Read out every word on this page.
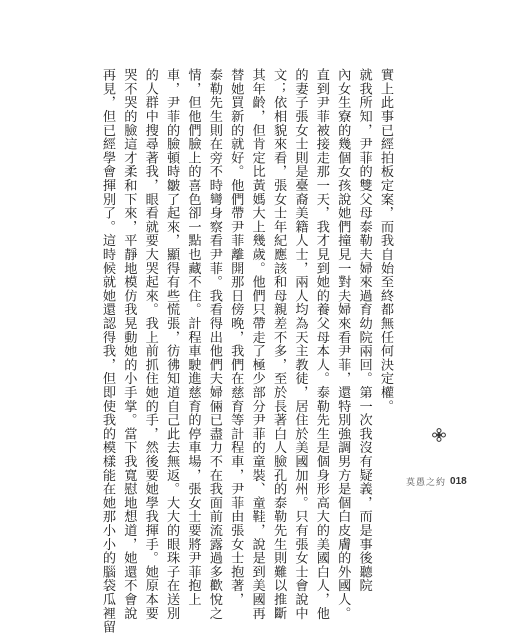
實上此事已經拍板定案，而我自始至終都無任何決定權。
就我所知，尹菲的雙父母泰勒夫婦來過育幼院兩回。第一次我沒有疑義，而是事後聽院
內女生寮的幾個女孩說她們撞見一對夫婦來看尹菲，還特別強調男方是個白皮膚的外國人。
直到尹菲被接走那一天，我才見到她的養父母本人。泰勒先生是個身形高大的美國白人，他
的妻子張女士則是臺裔美籍人士，兩人均為天主教徒，居住於美國加州。只有張女士會說中
文；依相貌來看，張女士年紀應該和母親差不多，至於長著白人臉孔的泰勒先生則難以推斷
其年齡，但肯定比黃媽大上幾歲。他們只帶走了極少部分尹菲的童裝、童鞋，說是到美國再
替她買新的就好。他們帶尹菲離開那日傍晚，我們在慈育等計程車，尹菲由張女士抱著，
泰勒先生則在旁不時彎身察看尹菲。我看得出他們夫婦倆已盡力不在我面前流露過多歡悅之
情，但他們臉上的喜色卻一點也藏不住。計程車駛進慈育的停車場，張女士要將尹菲抱上
車，尹菲的臉頓時皺了起來，顯得有些慌張，彷彿知道自己此去無返。大大的眼珠子在送別
的人群中搜尋著我，眼看就要大哭起來。我上前抓住她的手，然後要她學我揮手。她原本要
哭不哭的臉這才柔和下來，平靜地模仿我晃動她的小手掌。當下我寬慰地想道，她還不會說
再見，但已經學會揮別了。這時候就她還認得我，但即使我的模樣能在她那小小的腦袋瓜裡留	莫愚之約 018
